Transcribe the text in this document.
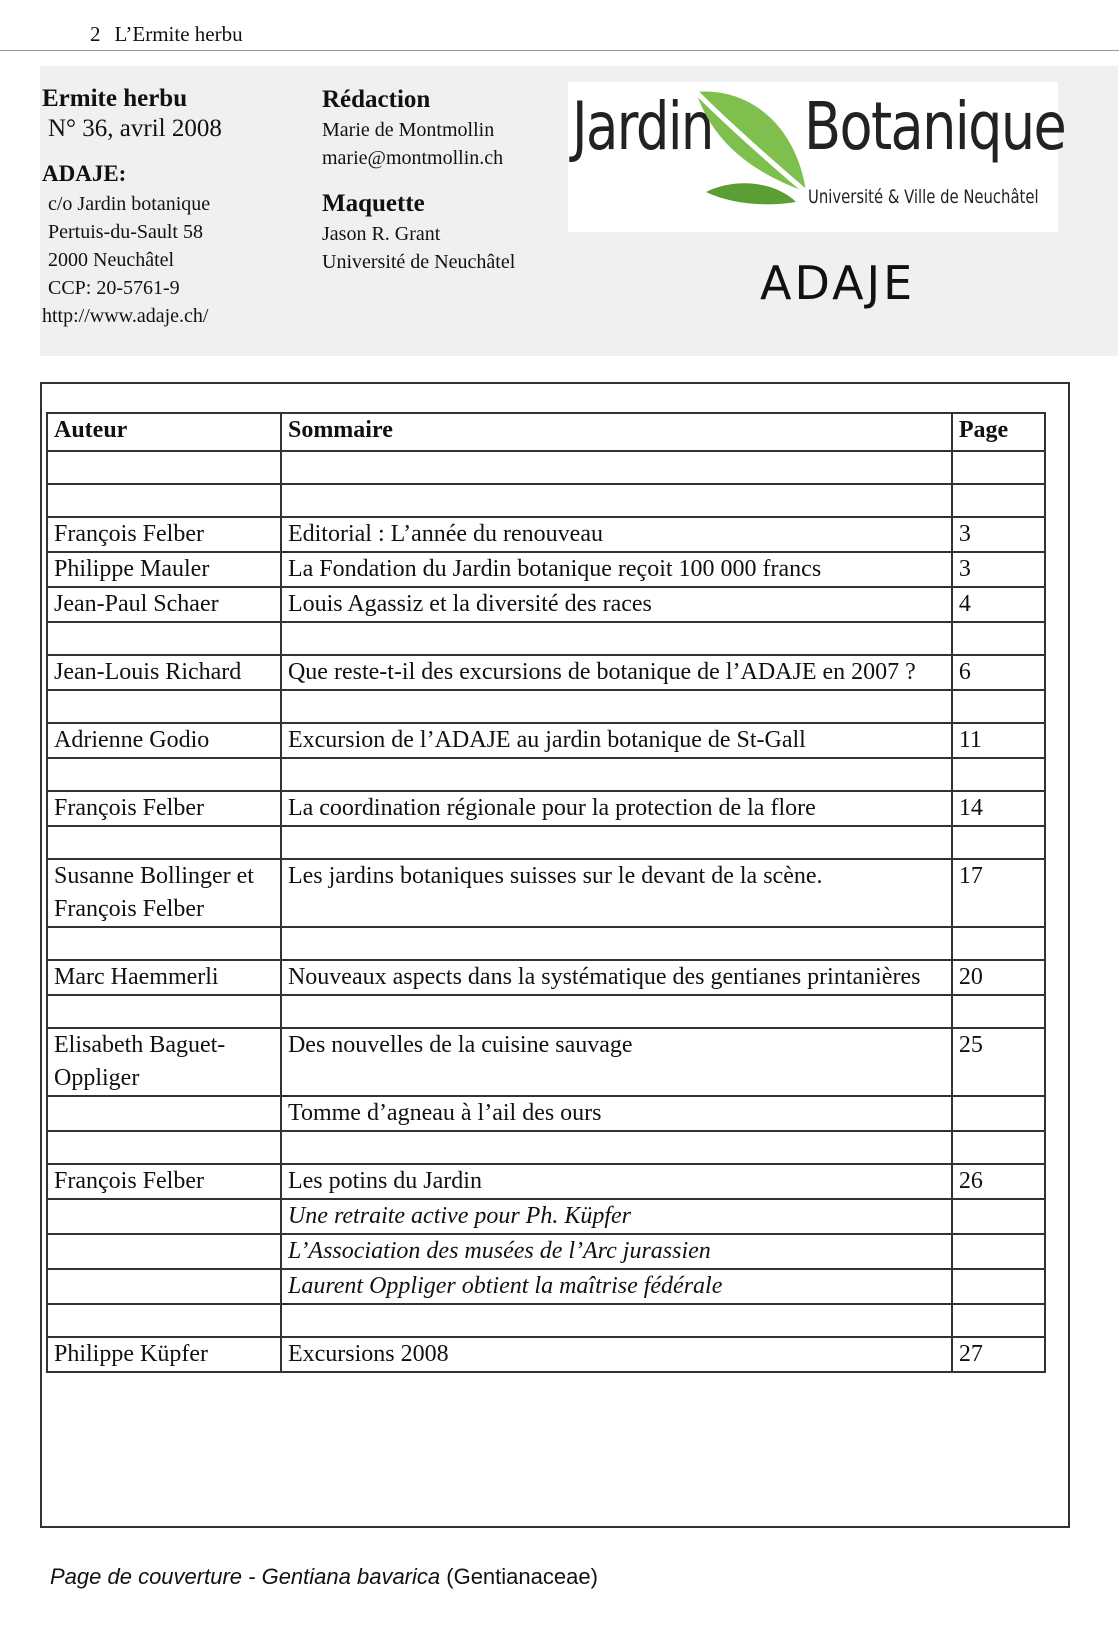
2 L’Ermite herbu
Ermite herbu
N° 36, avril 2008
ADAJE:
c/o Jardin botanique
Pertuis-du-Sault 58
2000 Neuchâtel
CCP: 20-5761-9
http://www.adaje.ch/
Rédaction
Marie de Montmollin
marie@montmollin.ch
Maquette
Jason R. Grant
Université de Neuchâtel
Jardin Botanique
Université & Ville de Neuchâtel
ADAJE
Auteur	Sommaire	Page

François Felber	Editorial : L’année du renouveau	3
Philippe Mauler	La Fondation du Jardin botanique reçoit 100 000 francs	3
Jean-Paul Schaer	Louis Agassiz et la diversité des races	4

Jean-Louis Richard	Que reste-t-il des excursions de botanique de l’ADAJE en 2007 ?	6

Adrienne Godio	Excursion de l’ADAJE au jardin botanique de St-Gall	11

François Felber	La coordination régionale pour la protection de la flore	14

Susanne Bollinger et François Felber	Les jardins botaniques suisses sur le devant de la scène.	17

Marc Haemmerli	Nouveaux aspects dans la systématique des gentianes printanières	20

Elisabeth Baguet-Oppliger	Des nouvelles de la cuisine sauvage	25
	Tomme d’agneau à l’ail des ours	

François Felber	Les potins du Jardin	26
	Une retraite active pour Ph. Küpfer	
	L’Association des musées de l’Arc jurassien	
	Laurent Oppliger obtient la maîtrise fédérale	

Philippe Küpfer	Excursions 2008	27
Page de couverture - Gentiana bavarica (Gentianaceae)
